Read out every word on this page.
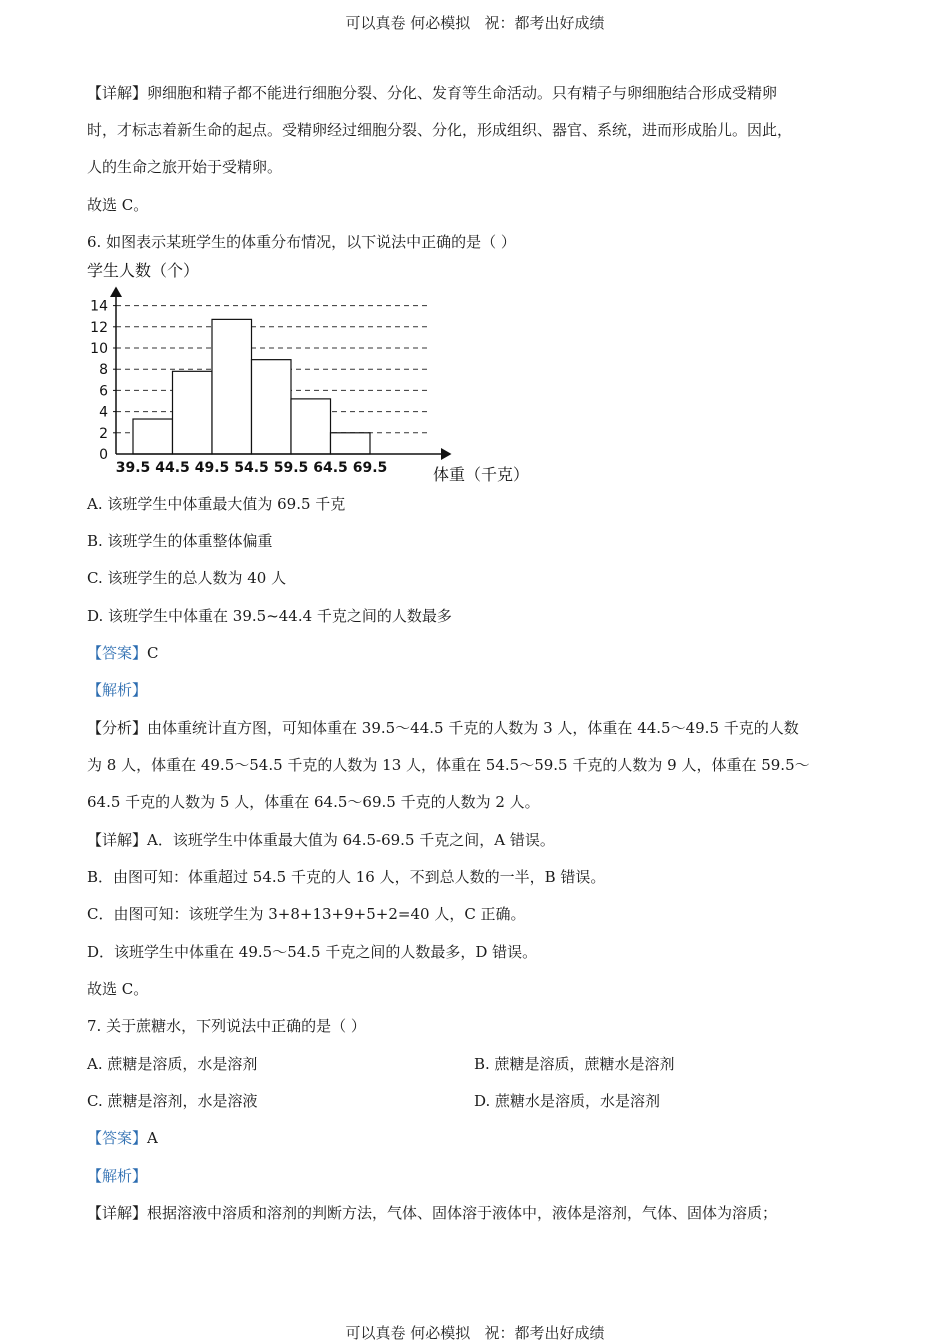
可以真卷 何必模拟   祝：都考出好成绩
【详解】卵细胞和精子都不能进行细胞分裂、分化、发育等生命活动。只有精子与卵细胞结合形成受精卵
时，才标志着新生命的起点。受精卵经过细胞分裂、分化，形成组织、器官、系统，进而形成胎儿。因此，
人的生命之旅开始于受精卵。
故选 C。
6. 如图表示某班学生的体重分布情况，以下说法中正确的是（ ）
学生人数（个）
0
2
4
6
8
10
12
14
39.5 44.5 49.5 54.5 59.5 64.5 69.5	体重（千克）
A. 该班学生中体重最大值为 69.5 千克
B. 该班学生的体重整体偏重
C. 该班学生的总人数为 40 人
D. 该班学生中体重在 39.5~44.4 千克之间的人数最多
【答案】C
【解析】
【分析】由体重统计直方图，可知体重在 39.5～44.5 千克的人数为 3 人，体重在 44.5～49.5 千克的人数
为 8 人，体重在 49.5～54.5 千克的人数为 13 人，体重在 54.5～59.5 千克的人数为 9 人，体重在 59.5～
64.5 千克的人数为 5 人，体重在 64.5～69.5 千克的人数为 2 人。
【详解】A．该班学生中体重最大值为 64.5-69.5 千克之间，A 错误。
B．由图可知：体重超过 54.5 千克的人 16 人，不到总人数的一半，B 错误。
C．由图可知：该班学生为 3+8+13+9+5+2=40 人，C 正确。
D．该班学生中体重在 49.5～54.5 千克之间的人数最多，D 错误。
故选 C。
7. 关于蔗糖水，下列说法中正确的是（ ）
A. 蔗糖是溶质，水是溶剂	B. 蔗糖是溶质，蔗糖水是溶剂
C. 蔗糖是溶剂，水是溶液	D. 蔗糖水是溶质，水是溶剂
【答案】A
【解析】
【详解】根据溶液中溶质和溶剂的判断方法，气体、固体溶于液体中，液体是溶剂，气体、固体为溶质；
可以真卷 何必模拟   祝：都考出好成绩
